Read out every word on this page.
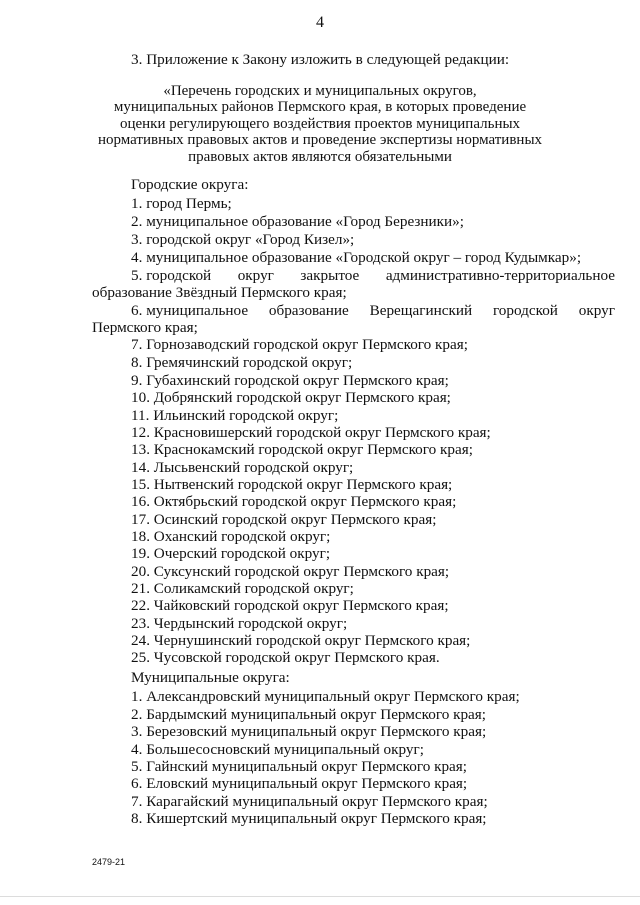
4
3. Приложение к Закону изложить в следующей редакции:
«Перечень городских и муниципальных округов,
муниципальных районов Пермского края, в которых проведение
оценки регулирующего воздействия проектов муниципальных
нормативных правовых актов и проведение экспертизы нормативных
правовых актов являются обязательными
Городские округа:
1. город Пермь;
2. муниципальное образование «Город Березники»;
3. городской округ «Город Кизел»;
4. муниципальное образование «Городской округ – город Кудымкар»;
5. городской округ закрытое административно-территориальное
образование Звёздный Пермского края;
6. муниципальное образование Верещагинский городской округ
Пермского края;
7. Горнозаводский городской округ Пермского края;
8. Гремячинский городской округ;
9. Губахинский городской округ Пермского края;
10. Добрянский городской округ Пермского края;
11. Ильинский городской округ;
12. Красновишерский городской округ Пермского края;
13. Краснокамский городской округ Пермского края;
14. Лысьвенский городской округ;
15. Нытвенский городской округ Пермского края;
16. Октябрьский городской округ Пермского края;
17. Осинский городской округ Пермского края;
18. Оханский городской округ;
19. Очерский городской округ;
20. Суксунский городской округ Пермского края;
21. Соликамский городской округ;
22. Чайковский городской округ Пермского края;
23. Чердынский городской округ;
24. Чернушинский городской округ Пермского края;
25. Чусовской городской округ Пермского края.
Муниципальные округа:
1. Александровский муниципальный округ Пермского края;
2. Бардымский муниципальный округ Пермского края;
3. Березовский муниципальный округ Пермского края;
4. Большесосновский муниципальный округ;
5. Гайнский муниципальный округ Пермского края;
6. Еловский муниципальный округ Пермского края;
7. Карагайский муниципальный округ Пермского края;
8. Кишертский муниципальный округ Пермского края;
2479-21
